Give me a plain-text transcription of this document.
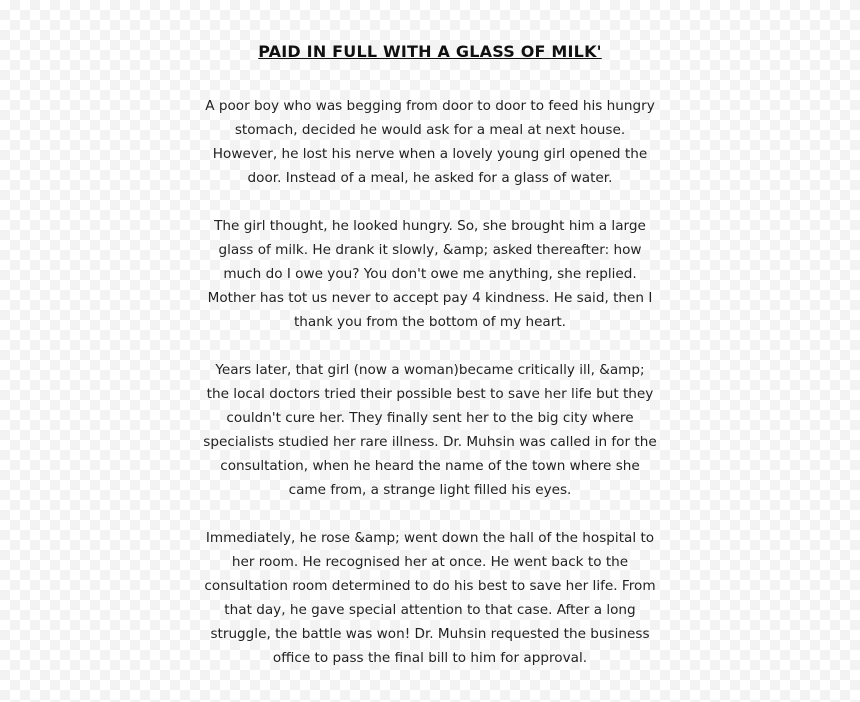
PAID IN FULL WITH A GLASS OF MILK'
A poor boy who was begging from door to door to feed his hungry
stomach, decided he would ask for a meal at next house.
However, he lost his nerve when a lovely young girl opened the
door. Instead of a meal, he asked for a glass of water.
The girl thought, he looked hungry. So, she brought him a large
glass of milk. He drank it slowly, &amp; asked thereafter: how
much do I owe you? You don't owe me anything, she replied.
Mother has tot us never to accept pay 4 kindness. He said, then I
thank you from the bottom of my heart.
Years later, that girl (now a woman)became critically ill, &amp;
the local doctors tried their possible best to save her life but they
couldn't cure her. They finally sent her to the big city where
specialists studied her rare illness. Dr. Muhsin was called in for the
consultation, when he heard the name of the town where she
came from, a strange light filled his eyes.
Immediately, he rose &amp; went down the hall of the hospital to
her room. He recognised her at once. He went back to the
consultation room determined to do his best to save her life. From
that day, he gave special attention to that case. After a long
struggle, the battle was won! Dr. Muhsin requested the business
office to pass the final bill to him for approval.
